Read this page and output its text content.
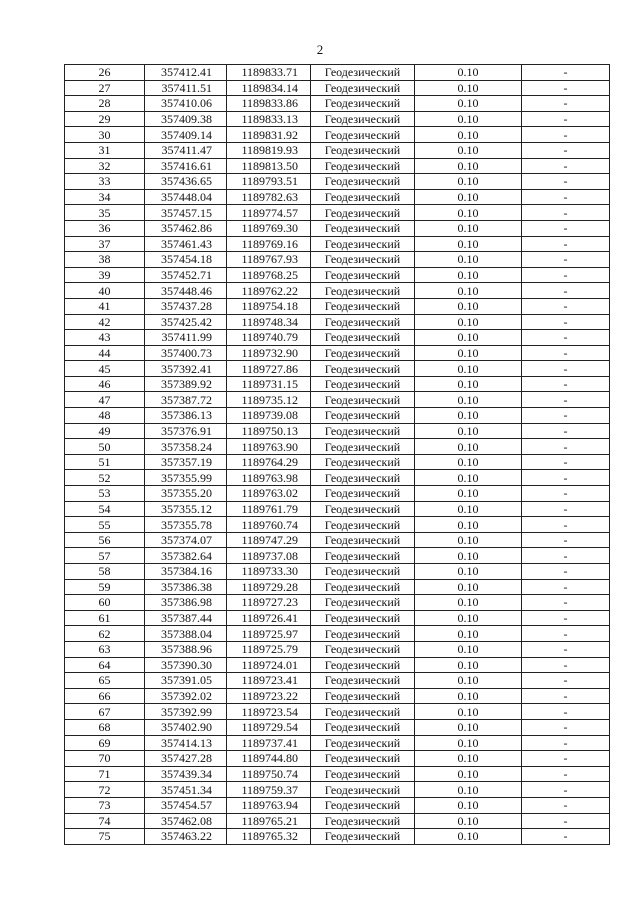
2
26	357412.41	1189833.71	Геодезический	0.10	-
27	357411.51	1189834.14	Геодезический	0.10	-
28	357410.06	1189833.86	Геодезический	0.10	-
29	357409.38	1189833.13	Геодезический	0.10	-
30	357409.14	1189831.92	Геодезический	0.10	-
31	357411.47	1189819.93	Геодезический	0.10	-
32	357416.61	1189813.50	Геодезический	0.10	-
33	357436.65	1189793.51	Геодезический	0.10	-
34	357448.04	1189782.63	Геодезический	0.10	-
35	357457.15	1189774.57	Геодезический	0.10	-
36	357462.86	1189769.30	Геодезический	0.10	-
37	357461.43	1189769.16	Геодезический	0.10	-
38	357454.18	1189767.93	Геодезический	0.10	-
39	357452.71	1189768.25	Геодезический	0.10	-
40	357448.46	1189762.22	Геодезический	0.10	-
41	357437.28	1189754.18	Геодезический	0.10	-
42	357425.42	1189748.34	Геодезический	0.10	-
43	357411.99	1189740.79	Геодезический	0.10	-
44	357400.73	1189732.90	Геодезический	0.10	-
45	357392.41	1189727.86	Геодезический	0.10	-
46	357389.92	1189731.15	Геодезический	0.10	-
47	357387.72	1189735.12	Геодезический	0.10	-
48	357386.13	1189739.08	Геодезический	0.10	-
49	357376.91	1189750.13	Геодезический	0.10	-
50	357358.24	1189763.90	Геодезический	0.10	-
51	357357.19	1189764.29	Геодезический	0.10	-
52	357355.99	1189763.98	Геодезический	0.10	-
53	357355.20	1189763.02	Геодезический	0.10	-
54	357355.12	1189761.79	Геодезический	0.10	-
55	357355.78	1189760.74	Геодезический	0.10	-
56	357374.07	1189747.29	Геодезический	0.10	-
57	357382.64	1189737.08	Геодезический	0.10	-
58	357384.16	1189733.30	Геодезический	0.10	-
59	357386.38	1189729.28	Геодезический	0.10	-
60	357386.98	1189727.23	Геодезический	0.10	-
61	357387.44	1189726.41	Геодезический	0.10	-
62	357388.04	1189725.97	Геодезический	0.10	-
63	357388.96	1189725.79	Геодезический	0.10	-
64	357390.30	1189724.01	Геодезический	0.10	-
65	357391.05	1189723.41	Геодезический	0.10	-
66	357392.02	1189723.22	Геодезический	0.10	-
67	357392.99	1189723.54	Геодезический	0.10	-
68	357402.90	1189729.54	Геодезический	0.10	-
69	357414.13	1189737.41	Геодезический	0.10	-
70	357427.28	1189744.80	Геодезический	0.10	-
71	357439.34	1189750.74	Геодезический	0.10	-
72	357451.34	1189759.37	Геодезический	0.10	-
73	357454.57	1189763.94	Геодезический	0.10	-
74	357462.08	1189765.21	Геодезический	0.10	-
75	357463.22	1189765.32	Геодезический	0.10	-
